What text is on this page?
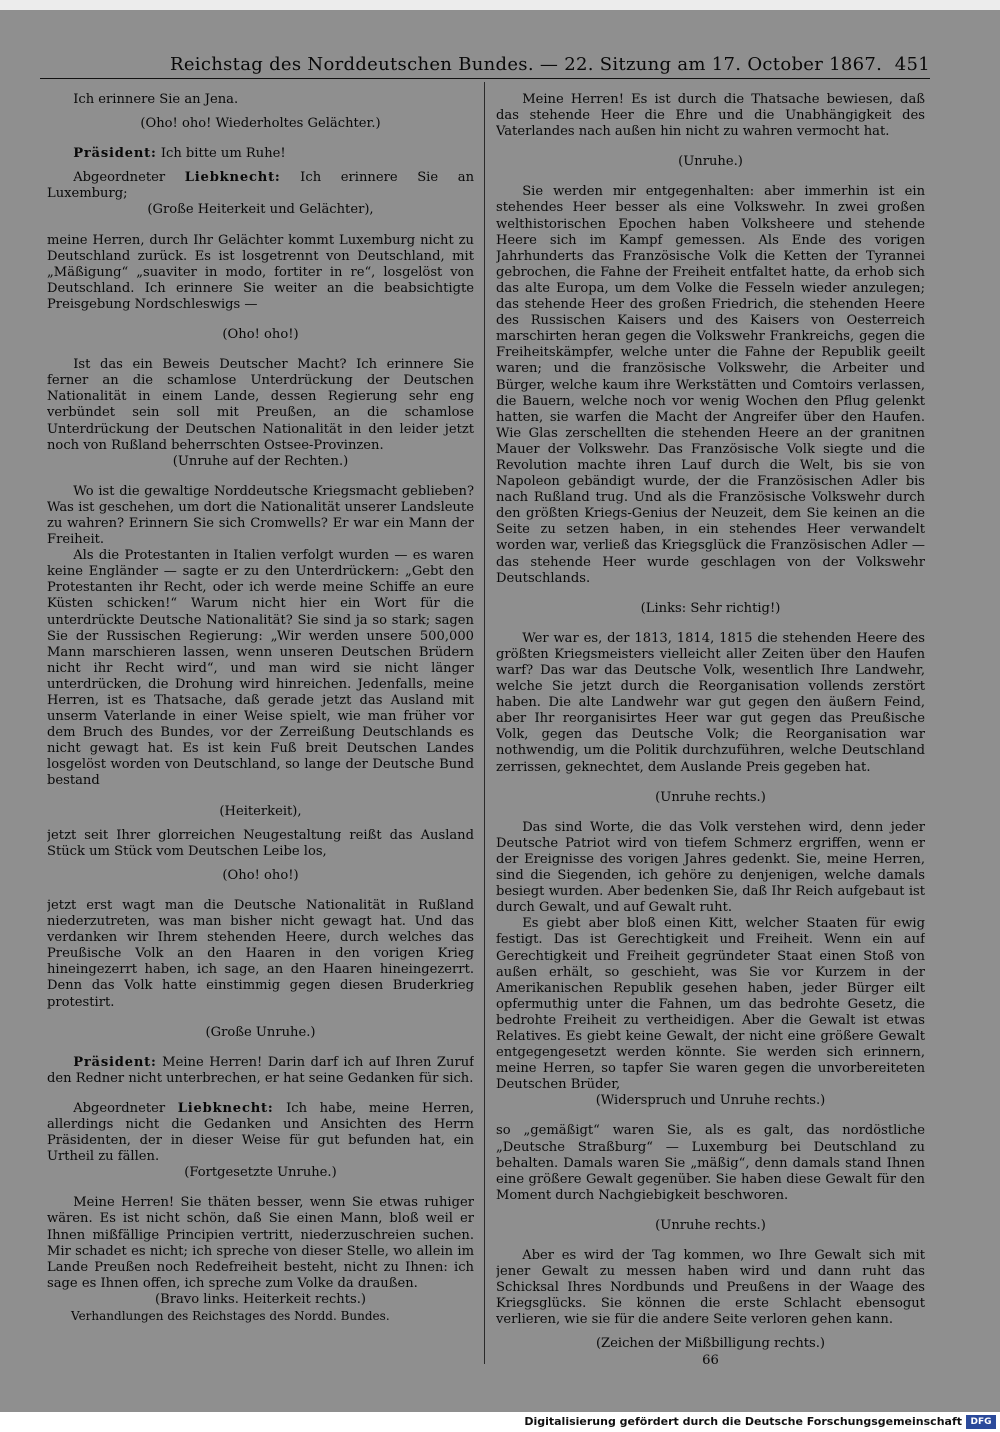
Reichstag des Norddeutschen Bundes. — 22. Sitzung am 17. October 1867. 451

Ich erinnere Sie an Jena.

(Oho! oho! Wiederholtes Gelächter.)

Präsident: Ich bitte um Ruhe!

Abgeordneter Liebknecht: Ich erinnere Sie an Luxemburg;

(Große Heiterkeit und Gelächter),

meine Herren, durch Ihr Gelächter kommt Luxemburg nicht zu Deutschland zurück. Es ist losgetrennt von Deutschland, mit „Mäßigung“ „suaviter in modo, fortiter in re“, losgelöst von Deutschland. Ich erinnere Sie weiter an die beabsichtigte Preisgebung Nordschleswigs —

(Oho! oho!)

Ist das ein Beweis Deutscher Macht? Ich erinnere Sie ferner an die schamlose Unterdrückung der Deutschen Nationalität in einem Lande, dessen Regierung sehr eng verbündet sein soll mit Preußen, an die schamlose Unterdrückung der Deutschen Nationalität in den leider jetzt noch von Rußland beherrschten Ostsee-Provinzen.

(Unruhe auf der Rechten.)

Wo ist die gewaltige Norddeutsche Kriegsmacht geblieben? Was ist geschehen, um dort die Nationalität unserer Landsleute zu wahren? Erinnern Sie sich Cromwells? Er war ein Mann der Freiheit.

Als die Protestanten in Italien verfolgt wurden — es waren keine Engländer — sagte er zu den Unterdrückern: „Gebt den Protestanten ihr Recht, oder ich werde meine Schiffe an eure Küsten schicken!“ Warum nicht hier ein Wort für die unterdrückte Deutsche Nationalität? Sie sind ja so stark; sagen Sie der Russischen Regierung: „Wir werden unsere 500,000 Mann marschieren lassen, wenn unseren Deutschen Brüdern nicht ihr Recht wird“, und man wird sie nicht länger unterdrücken, die Drohung wird hinreichen. Jedenfalls, meine Herren, ist es Thatsache, daß gerade jetzt das Ausland mit unserm Vaterlande in einer Weise spielt, wie man früher vor dem Bruch des Bundes, vor der Zerreißung Deutschlands es nicht gewagt hat. Es ist kein Fuß breit Deutschen Landes losgelöst worden von Deutschland, so lange der Deutsche Bund bestand

(Heiterkeit),

jetzt seit Ihrer glorreichen Neugestaltung reißt das Ausland Stück um Stück vom Deutschen Leibe los,

(Oho! oho!)

jetzt erst wagt man die Deutsche Nationalität in Rußland niederzutreten, was man bisher nicht gewagt hat. Und das verdanken wir Ihrem stehenden Heere, durch welches das Preußische Volk an den Haaren in den vorigen Krieg hineingezerrt haben, ich sage, an den Haaren hineingezerrt. Denn das Volk hatte einstimmig gegen diesen Bruderkrieg protestirt.

(Große Unruhe.)

Präsident: Meine Herren! Darin darf ich auf Ihren Zuruf den Redner nicht unterbrechen, er hat seine Gedanken für sich.

Abgeordneter Liebknecht: Ich habe, meine Herren, allerdings nicht die Gedanken und Ansichten des Herrn Präsidenten, der in dieser Weise für gut befunden hat, ein Urtheil zu fällen.

(Fortgesetzte Unruhe.)

Meine Herren! Sie thäten besser, wenn Sie etwas ruhiger wären. Es ist nicht schön, daß Sie einen Mann, bloß weil er Ihnen mißfällige Principien vertritt, niederzuschreien suchen. Mir schadet es nicht; ich spreche von dieser Stelle, wo allein im Lande Preußen noch Redefreiheit besteht, nicht zu Ihnen: ich sage es Ihnen offen, ich spreche zum Volke da draußen.

(Bravo links. Heiterkeit rechts.)

Verhandlungen des Reichstages des Nordd. Bundes.

Meine Herren! Es ist durch die Thatsache bewiesen, daß das stehende Heer die Ehre und die Unabhängigkeit des Vaterlandes nach außen hin nicht zu wahren vermocht hat.

(Unruhe.)

Sie werden mir entgegenhalten: aber immerhin ist ein stehendes Heer besser als eine Volkswehr. In zwei großen welthistorischen Epochen haben Volksheere und stehende Heere sich im Kampf gemessen. Als Ende des vorigen Jahrhunderts das Französische Volk die Ketten der Tyrannei gebrochen, die Fahne der Freiheit entfaltet hatte, da erhob sich das alte Europa, um dem Volke die Fesseln wieder anzulegen; das stehende Heer des großen Friedrich, die stehenden Heere des Russischen Kaisers und des Kaisers von Oesterreich marschirten heran gegen die Volkswehr Frankreichs, gegen die Freiheitskämpfer, welche unter die Fahne der Republik geeilt waren; und die französische Volkswehr, die Arbeiter und Bürger, welche kaum ihre Werkstätten und Comtoirs verlassen, die Bauern, welche noch vor wenig Wochen den Pflug gelenkt hatten, sie warfen die Macht der Angreifer über den Haufen. Wie Glas zerschellten die stehenden Heere an der granitnen Mauer der Volkswehr. Das Französische Volk siegte und die Revolution machte ihren Lauf durch die Welt, bis sie von Napoleon gebändigt wurde, der die Französischen Adler bis nach Rußland trug. Und als die Französische Volkswehr durch den größten Kriegs-Genius der Neuzeit, dem Sie keinen an die Seite zu setzen haben, in ein stehendes Heer verwandelt worden war, verließ das Kriegsglück die Französischen Adler — das stehende Heer wurde geschlagen von der Volkswehr Deutschlands.

(Links: Sehr richtig!)

Wer war es, der 1813, 1814, 1815 die stehenden Heere des größten Kriegsmeisters vielleicht aller Zeiten über den Haufen warf? Das war das Deutsche Volk, wesentlich Ihre Landwehr, welche Sie jetzt durch die Reorganisation vollends zerstört haben. Die alte Landwehr war gut gegen den äußern Feind, aber Ihr reorganisirtes Heer war gut gegen das Preußische Volk, gegen das Deutsche Volk; die Reorganisation war nothwendig, um die Politik durchzuführen, welche Deutschland zerrissen, geknechtet, dem Auslande Preis gegeben hat.

(Unruhe rechts.)

Das sind Worte, die das Volk verstehen wird, denn jeder Deutsche Patriot wird von tiefem Schmerz ergriffen, wenn er der Ereignisse des vorigen Jahres gedenkt. Sie, meine Herren, sind die Siegenden, ich gehöre zu denjenigen, welche damals besiegt wurden. Aber bedenken Sie, daß Ihr Reich aufgebaut ist durch Gewalt, und auf Gewalt ruht.

Es giebt aber bloß einen Kitt, welcher Staaten für ewig festigt. Das ist Gerechtigkeit und Freiheit. Wenn ein auf Gerechtigkeit und Freiheit gegründeter Staat einen Stoß von außen erhält, so geschieht, was Sie vor Kurzem in der Amerikanischen Republik gesehen haben, jeder Bürger eilt opfermuthig unter die Fahnen, um das bedrohte Gesetz, die bedrohte Freiheit zu vertheidigen. Aber die Gewalt ist etwas Relatives. Es giebt keine Gewalt, der nicht eine größere Gewalt entgegengesetzt werden könnte. Sie werden sich erinnern, meine Herren, so tapfer Sie waren gegen die unvorbereiteten Deutschen Brüder,

(Widerspruch und Unruhe rechts.)

so „gemäßigt“ waren Sie, als es galt, das nordöstliche „Deutsche Straßburg“ — Luxemburg bei Deutschland zu behalten. Damals waren Sie „mäßig“, denn damals stand Ihnen eine größere Gewalt gegenüber. Sie haben diese Gewalt für den Moment durch Nachgiebigkeit beschworen.

(Unruhe rechts.)

Aber es wird der Tag kommen, wo Ihre Gewalt sich mit jener Gewalt zu messen haben wird und dann ruht das Schicksal Ihres Nordbunds und Preußens in der Waage des Kriegsglücks. Sie können die erste Schlacht ebensogut verlieren, wie sie für die andere Seite verloren gehen kann.

(Zeichen der Mißbilligung rechts.)

66

Digitalisierung gefördert durch die Deutsche Forschungsgemeinschaft DFG
